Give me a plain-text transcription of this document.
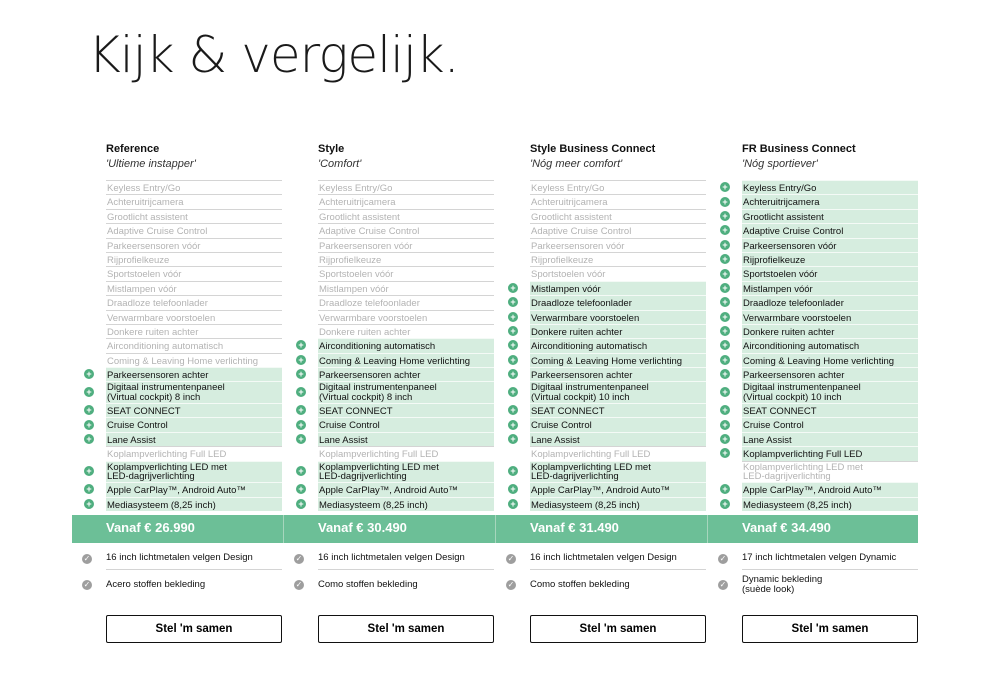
Kijk & vergelijk.
Reference
'Ultieme instapper'
Keyless Entry/Go
Achteruitrijcamera
Grootlicht assistent
Adaptive Cruise Control
Parkeersensoren vóór
Rijprofielkeuze
Sportstoelen vóór
Mistlampen vóór
Draadloze telefoonlader
Verwarmbare voorstoelen
Donkere ruiten achter
Airconditioning automatisch
Coming & Leaving Home verlichting
+ Parkeersensoren achter
+ Digitaal instrumentenpaneel
(Virtual cockpit) 8 inch
+ SEAT CONNECT
+ Cruise Control
+ Lane Assist
Koplampverlichting Full LED
+ Koplampverlichting LED met
LED-dagrijverlichting
+ Apple CarPlay™, Android Auto™
+ Mediasysteem (8,25 inch)
Vanaf € 26.990
✓ 16 inch lichtmetalen velgen Design
✓ Acero stoffen bekleding
Stel 'm samen
Style
'Comfort'
Keyless Entry/Go
Achteruitrijcamera
Grootlicht assistent
Adaptive Cruise Control
Parkeersensoren vóór
Rijprofielkeuze
Sportstoelen vóór
Mistlampen vóór
Draadloze telefoonlader
Verwarmbare voorstoelen
Donkere ruiten achter
+ Airconditioning automatisch
+ Coming & Leaving Home verlichting
+ Parkeersensoren achter
+ Digitaal instrumentenpaneel
(Virtual cockpit) 8 inch
+ SEAT CONNECT
+ Cruise Control
+ Lane Assist
Koplampverlichting Full LED
+ Koplampverlichting LED met
LED-dagrijverlichting
+ Apple CarPlay™, Android Auto™
+ Mediasysteem (8,25 inch)
Vanaf € 30.490
✓ 16 inch lichtmetalen velgen Design
✓ Como stoffen bekleding
Stel 'm samen
Style Business Connect
'Nóg meer comfort'
Keyless Entry/Go
Achteruitrijcamera
Grootlicht assistent
Adaptive Cruise Control
Parkeersensoren vóór
Rijprofielkeuze
Sportstoelen vóór
+ Mistlampen vóór
+ Draadloze telefoonlader
+ Verwarmbare voorstoelen
+ Donkere ruiten achter
+ Airconditioning automatisch
+ Coming & Leaving Home verlichting
+ Parkeersensoren achter
+ Digitaal instrumentenpaneel
(Virtual cockpit) 10 inch
+ SEAT CONNECT
+ Cruise Control
+ Lane Assist
Koplampverlichting Full LED
+ Koplampverlichting LED met
LED-dagrijverlichting
+ Apple CarPlay™, Android Auto™
+ Mediasysteem (8,25 inch)
Vanaf € 31.490
✓ 16 inch lichtmetalen velgen Design
✓ Como stoffen bekleding
Stel 'm samen
FR Business Connect
'Nóg sportiever'
+ Keyless Entry/Go
+ Achteruitrijcamera
+ Grootlicht assistent
+ Adaptive Cruise Control
+ Parkeersensoren vóór
+ Rijprofielkeuze
+ Sportstoelen vóór
+ Mistlampen vóór
+ Draadloze telefoonlader
+ Verwarmbare voorstoelen
+ Donkere ruiten achter
+ Airconditioning automatisch
+ Coming & Leaving Home verlichting
+ Parkeersensoren achter
+ Digitaal instrumentenpaneel
(Virtual cockpit) 10 inch
+ SEAT CONNECT
+ Cruise Control
+ Lane Assist
+ Koplampverlichting Full LED
Koplampverlichting LED met
LED-dagrijverlichting
+ Apple CarPlay™, Android Auto™
+ Mediasysteem (8,25 inch)
Vanaf € 34.490
✓ 17 inch lichtmetalen velgen Dynamic
✓ Dynamic bekleding
(suède look)
Stel 'm samen
